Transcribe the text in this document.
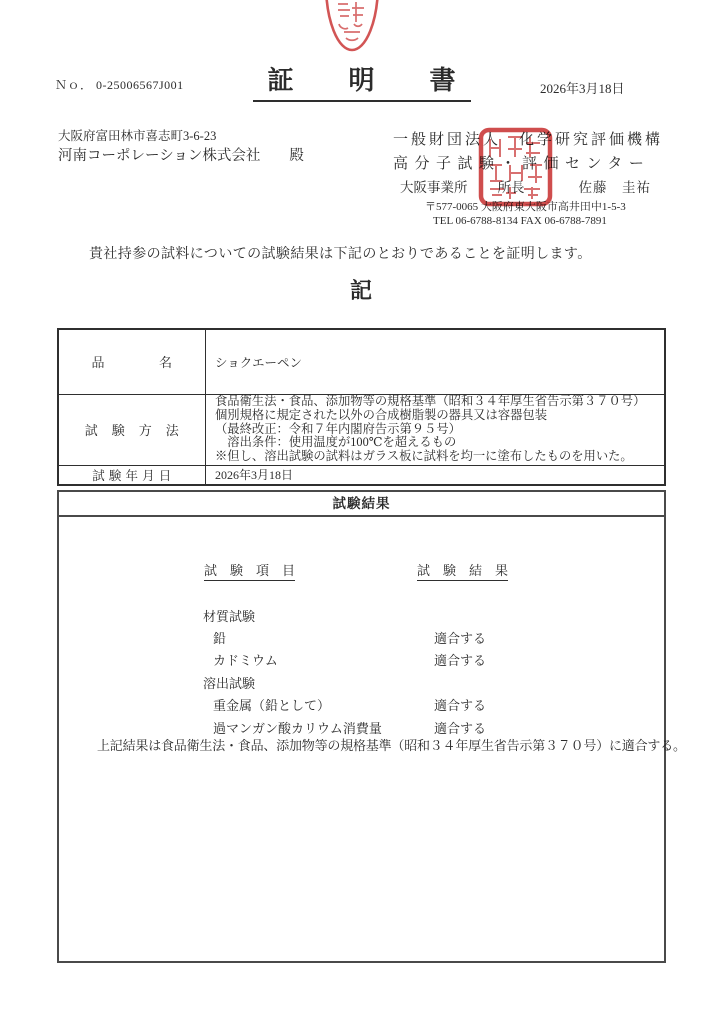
Ｎｏ． 0-25006567J001	証　　明　　書	2026年3月18日
大阪府富田林市喜志町3-6-23
河南コーポレーション株式会社　　殿
一般財団法人　化学研究評価機構
高分子試験・評価センター
大阪事業所 所長	佐藤　圭祐
〒577-0065 大阪府東大阪市高井田中1-5-3
TEL 06-6788-8134 FAX 06-6788-7891
貴社持参の試料についての試験結果は下記のとおりであることを証明します。
記
品　　　　名	ショクエーペン
試　験　方　法	食品衛生法・食品、添加物等の規格基準（昭和３４年厚生省告示第３７０号）
個別規格に規定された以外の合成樹脂製の器具又は容器包装
（最終改正：令和７年内閣府告示第９５号）
　溶出条件：使用温度が100℃を超えるもの
※但し、溶出試験の試料はガラス板に試料を均一に塗布したものを用いた。

試 験 年 月 日	2026年3月18日
試験結果
試　験　項　目	試　験　結　果
材質試験
鉛	適合する
カドミウム	適合する
溶出試験
重金属（鉛として）	適合する
過マンガン酸カリウム消費量	適合する
上記結果は食品衛生法・食品、添加物等の規格基準（昭和３４年厚生省告示第３７０号）に適合する。
